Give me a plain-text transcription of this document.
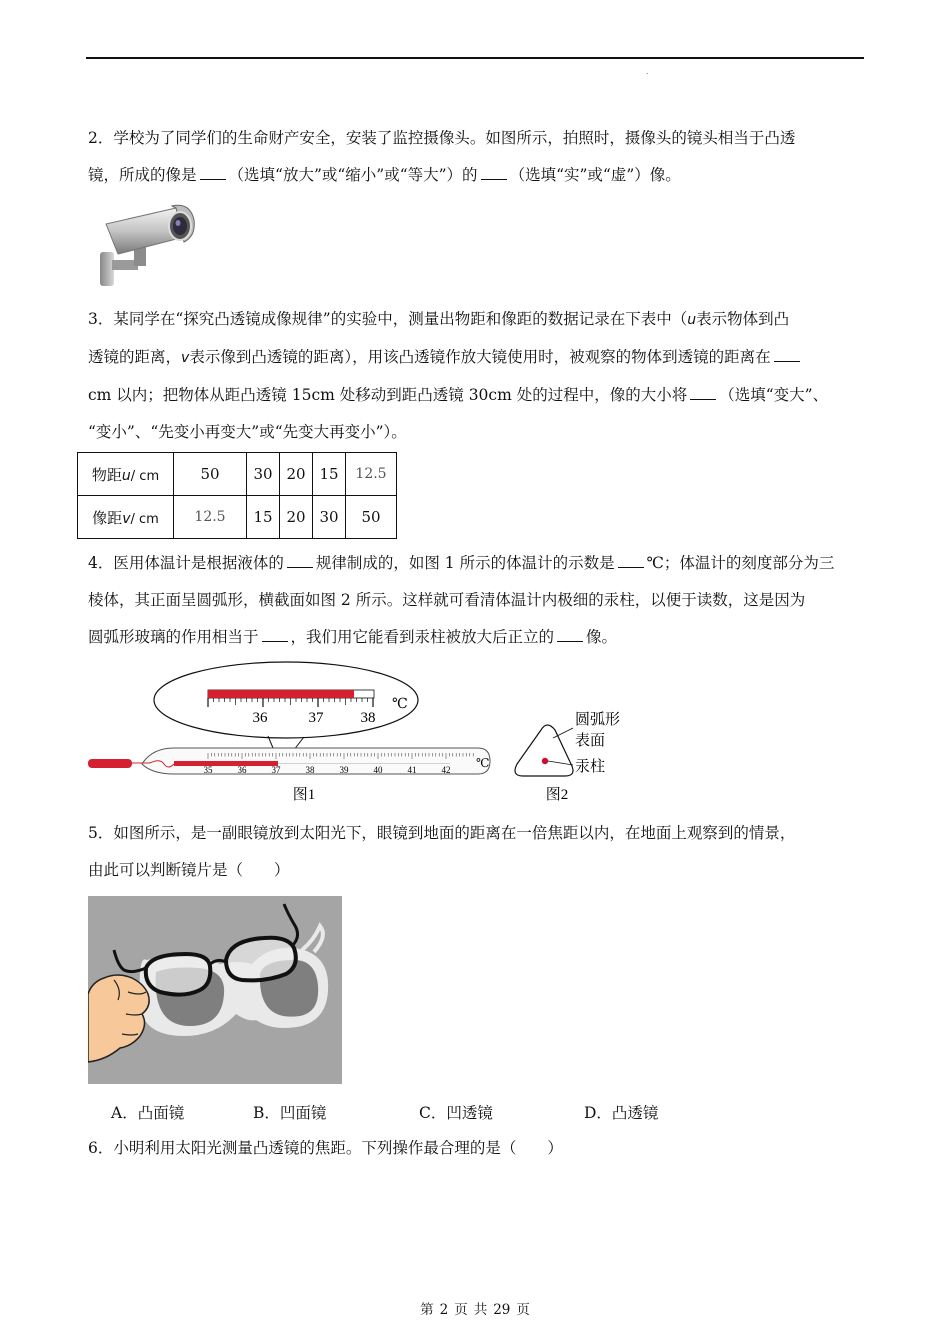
.
2．学校为了同学们的生命财产安全，安装了监控摄像头。如图所示，拍照时，摄像头的镜头相当于凸透
镜，所成的像是 （选填“放大”或“缩小”或“等大”）的 （选填“实”或“虚”）像。
3．某同学在“探究凸透镜成像规律”的实验中，测量出物距和像距的数据记录在下表中（u表示物体到凸
透镜的距离，v表示像到凸透镜的距离），用该凸透镜作放大镜使用时，被观察的物体到透镜的距离在
cm 以内；把物体从距凸透镜 15cm 处移动到距凸透镜 30cm 处的过程中，像的大小将 （选填“变大”、
“变小”、“先变小再变大”或“先变大再变小”）。
物距u/ cm	50	30	20	15	12.5
像距v/ cm	12.5	15	20	30	50
4．医用体温计是根据液体的 规律制成的，如图 1 所示的体温计的示数是 ℃；体温计的刻度部分为三
棱体，其正面呈圆弧形，横截面如图 2 所示。这样就可看清体温计内极细的汞柱，以便于读数，这是因为
圆弧形玻璃的作用相当于 ，我们用它能看到汞柱被放大后正立的 像。
36	37 38
℃
35	36	37	38	39	40	41	42 ℃
图1
圆弧形
表面
汞柱
图2
5．如图所示，是一副眼镜放到太阳光下，眼镜到地面的距离在一倍焦距以内，在地面上观察到的情景，
由此可以判断镜片是（　　）
A．凸面镜	B．凹面镜	C．凹透镜	D．凸透镜
6．小明利用太阳光测量凸透镜的焦距。下列操作最合理的是（　　）
第 2 页 共 29 页
